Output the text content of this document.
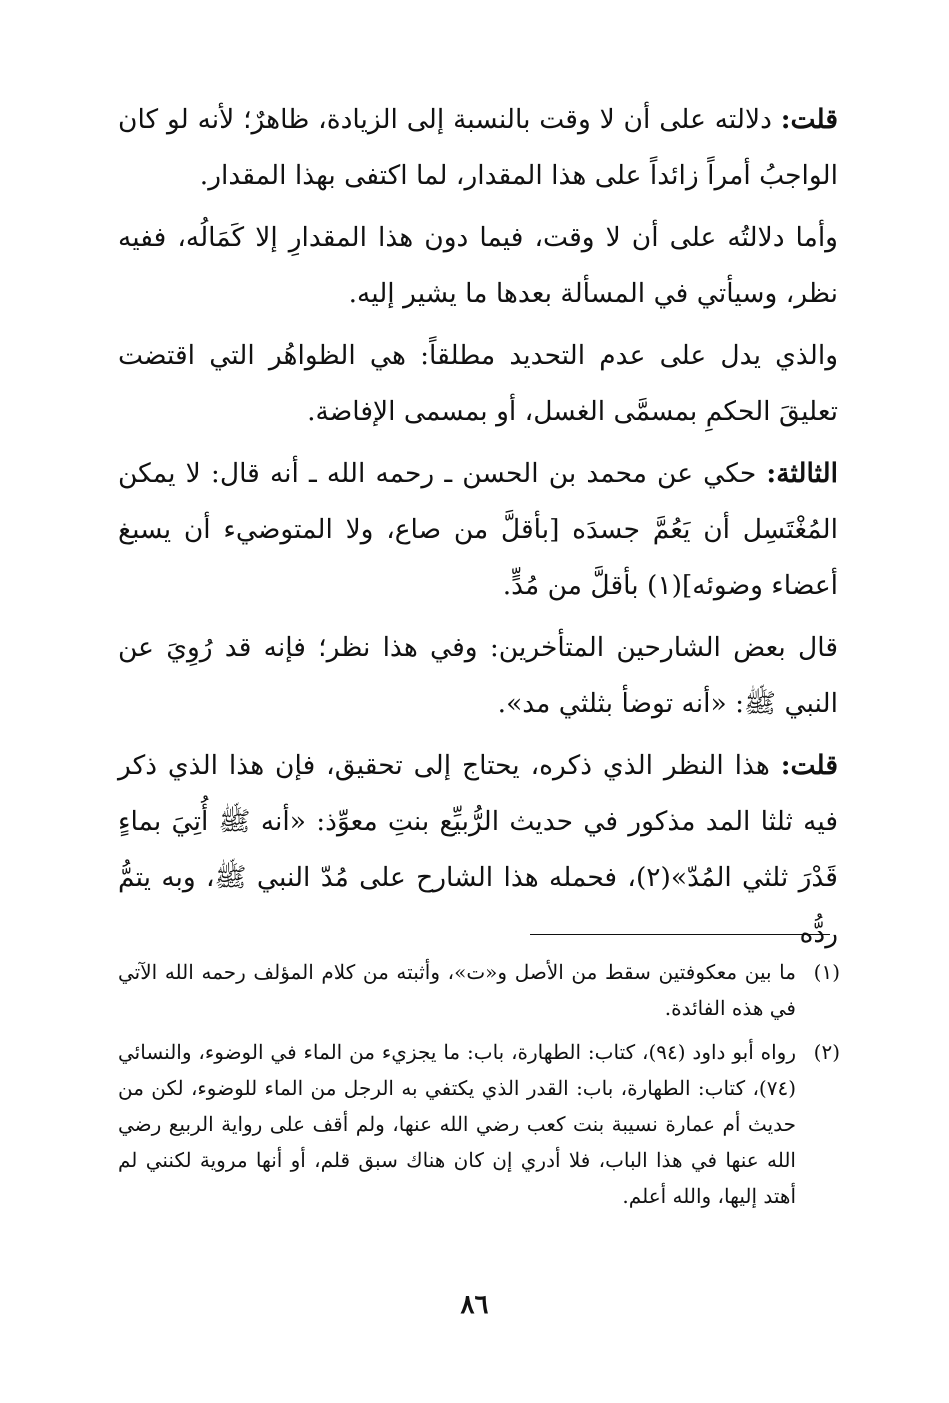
قلت: دلالته على أن لا وقت بالنسبة إلى الزيادة، ظاهرٌ؛ لأنه لو كان الواجبُ أمراً زائداً على هذا المقدار، لما اكتفى بهذا المقدار.

وأما دلالتُه على أن لا وقت، فيما دون هذا المقدارِ إلا كَمَالُه، ففيه نظر، وسيأتي في المسألة بعدها ما يشير إليه.

والذي يدل على عدم التحديد مطلقاً: هي الظواهُر التي اقتضت تعليقَ الحكمِ بمسمَّى الغسل، أو بمسمى الإفاضة.

الثالثة: حكي عن محمد بن الحسن ـ رحمه الله ـ أنه قال: لا يمكن المُغْتَسِل أن يَعُمَّ جسدَه [بأقلَّ من صاع، ولا المتوضيء أن يسبغ أعضاء وضوئه](١) بأقلَّ من مُدٍّ.

قال بعض الشارحين المتأخرين: وفي هذا نظر؛ فإنه قد رُوِيَ عن النبي ﷺ: «أنه توضأ بثلثي مد».

قلت: هذا النظر الذي ذكره، يحتاج إلى تحقيق، فإن هذا الذي ذكر فيه ثلثا المد مذكور في حديث الرُّبيِّع بنتِ معوِّذ: «أنه ﷺ أُتِيَ بماءٍ قَدْرَ ثلثي المُدّ»(٢)، فحمله هذا الشارح على مُدّ النبي ﷺ، وبه يتمُّ ردُّه

(١)
ما بين معكوفتين سقط من الأصل و«ت»، وأثبته من كلام المؤلف رحمه الله الآتي في هذه الفائدة.
(٢)
رواه أبو داود (٩٤)، كتاب: الطهارة، باب: ما يجزيء من الماء في الوضوء، والنسائي (٧٤)، كتاب: الطهارة، باب: القدر الذي يكتفي به الرجل من الماء للوضوء، لكن من حديث أم عمارة نسيبة بنت كعب رضي الله عنها، ولم أقف على رواية الربيع رضي الله عنها في هذا الباب، فلا أدري إن كان هناك سبق قلم، أو أنها مروية لكنني لم أهتد إليها، والله أعلم.
٨٦
